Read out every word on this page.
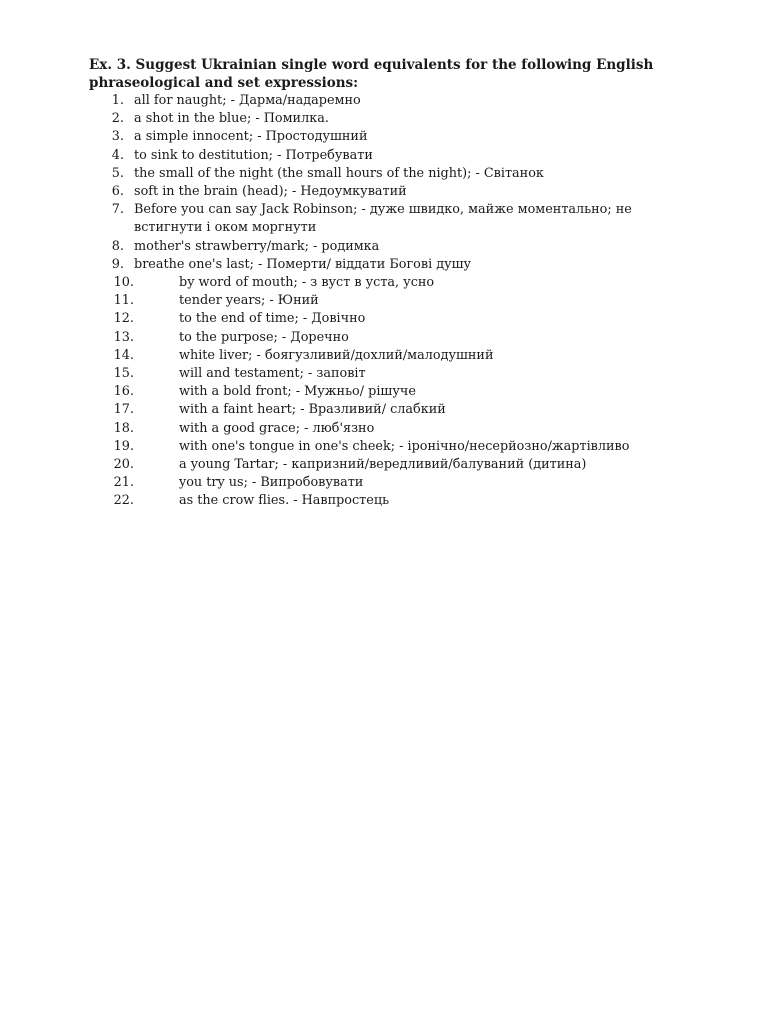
Ex. 3. Suggest Ukrainian single word equivalents for the following English
phraseological and set expressions:

1. all for naught; - Дарма/надаремно
2. a shot in the blue; - Помилка.
3. a simple innocent; - Простодушний
4. to sink to destitution; - Потребувати
5. the small of the night (the small hours of the night); - Світанок
6. soft in the brain (head); - Недоумкуватий
7. Before you can say Jack Robinson; - дуже швидко, майже моментально; не
встигнути і оком моргнути
8. mother's strawberry/mark; - родимка
9. breathe one's last; - Померти/ віддати Богові душу
10.	by word of mouth; - з вуст в уста, усно
11.	tender years; - Юний
12.	to the end of time; - Довічно
13.	to the purpose; - Доречно
14.	white liver; - боягузливий/дохлий/малодушний
15.	will and testament; - заповіт
16.	with a bold front; - Мужньо/ рішуче
17.	with a faint heart; - Вразливий/ слабкий
18.	with a good grace; - люб'язно
19.	with one's tongue in one's cheek; - іронічно/несерйозно/жартівливо
20.	a young Tartar; - капризний/вередливий/балуваний (дитина)
21.	you try us; - Випробовувати
22.	as the crow flies. - Навпростець
